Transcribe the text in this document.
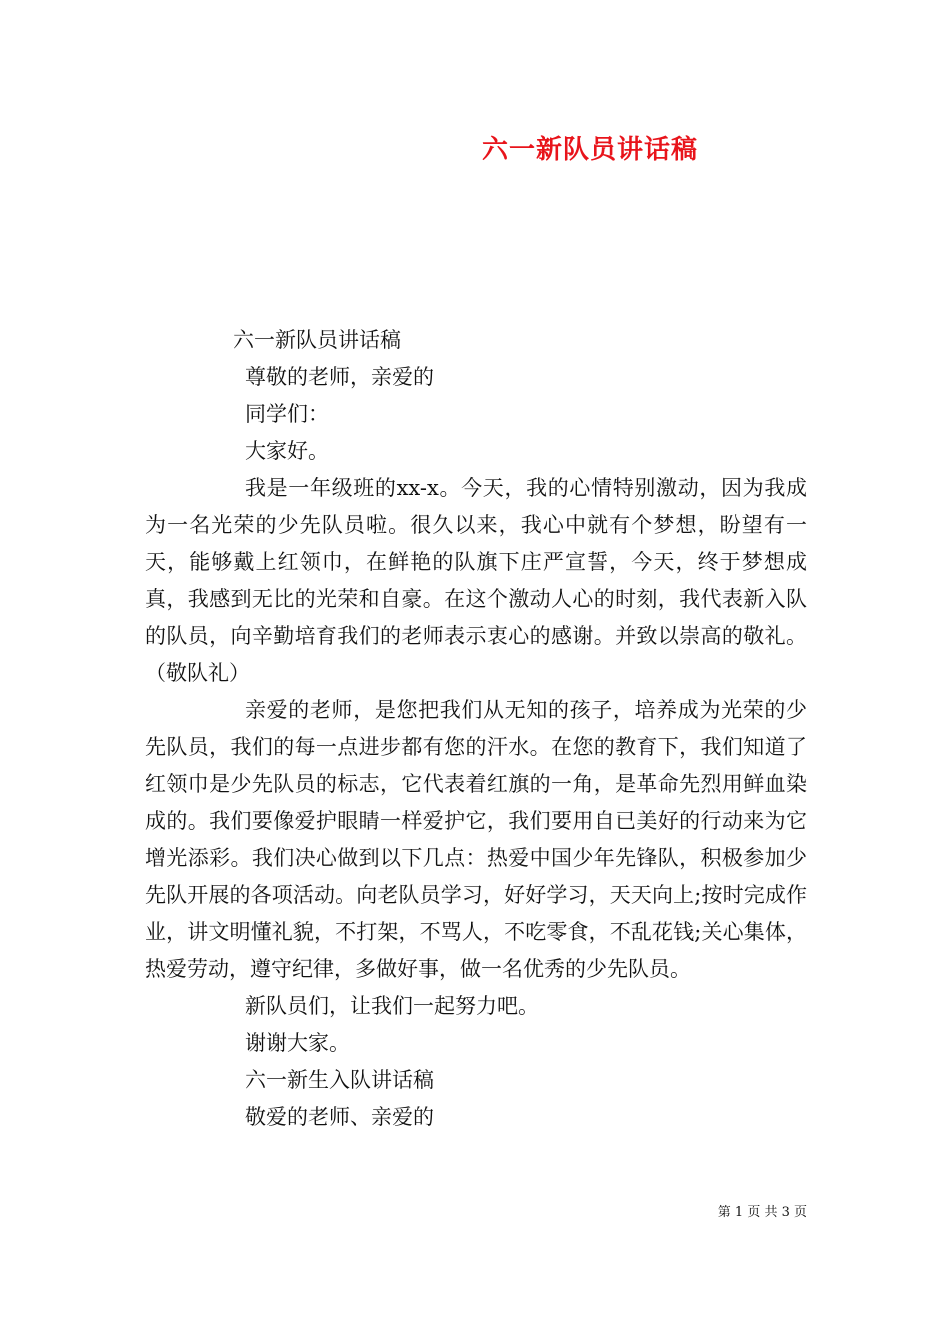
六一新队员讲话稿
六一新队员讲话稿
尊敬的老师，亲爱的
同学们：
大家好。
我是一年级班的xx-x。今天，我的心情特别激动，因为我成为一名光荣的少先队员啦。很久以来，我心中就有个梦想，盼望有一天，能够戴上红领巾，在鲜艳的队旗下庄严宣誓，今天，终于梦想成真，我感到无比的光荣和自豪。在这个激动人心的时刻，我代表新入队的队员，向辛勤培育我们的老师表示衷心的感谢。并致以崇高的敬礼。（敬队礼）
亲爱的老师，是您把我们从无知的孩子，培养成为光荣的少先队员，我们的每一点进步都有您的汗水。在您的教育下，我们知道了红领巾是少先队员的标志，它代表着红旗的一角，是革命先烈用鲜血染成的。我们要像爱护眼睛一样爱护它，我们要用自已美好的行动来为它增光添彩。我们决心做到以下几点：热爱中国少年先锋队，积极参加少先队开展的各项活动。向老队员学习，好好学习，天天向上;按时完成作业，讲文明懂礼貌，不打架，不骂人，不吃零食，不乱花钱;关心集体，热爱劳动，遵守纪律，多做好事，做一名优秀的少先队员。
新队员们，让我们一起努力吧。
谢谢大家。
六一新生入队讲话稿
敬爱的老师、亲爱的
第 1 页 共 3 页
